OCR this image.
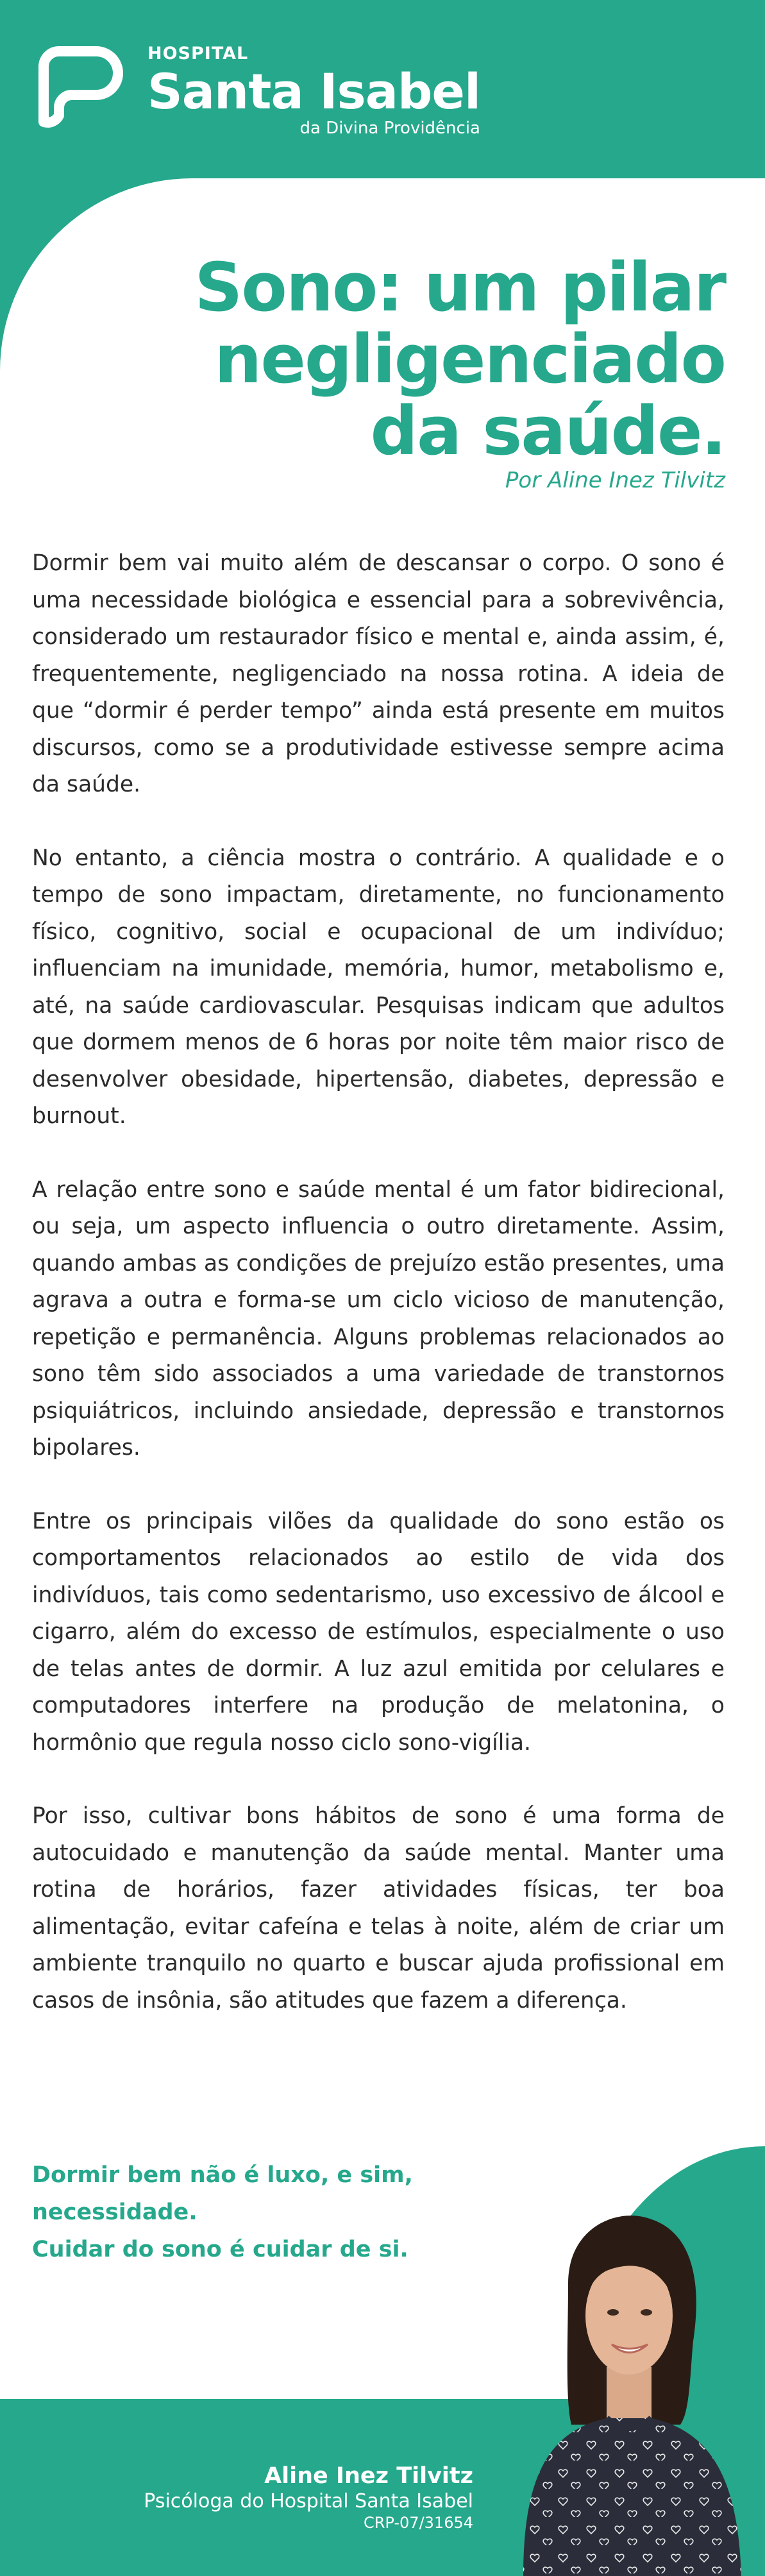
HOSPITAL
Santa Isabel
da Divina Providência
Sono: um pilar
negligenciado
da saúde.
Por Aline Inez Tilvitz

Dormir bem vai muito além de descansar o corpo. O sono é uma necessidade biológica e essencial para a sobrevivência, considerado um restaurador físico e mental e, ainda assim, é, frequentemente, negligenciado na nossa rotina. A ideia de que “dormir é perder tempo” ainda está presente em muitos discursos, como se a produtividade estivesse sempre acima da saúde.

No entanto, a ciência mostra o contrário. A qualidade e o tempo de sono impactam, diretamente, no funcionamento físico, cognitivo, social e ocupacional de um indivíduo; influenciam na imunidade, memória, humor, metabolismo e, até, na saúde cardiovascular. Pesquisas indicam que adultos que dormem menos de 6 horas por noite têm maior risco de desenvolver obesidade, hipertensão, diabetes, depressão e burnout.

A relação entre sono e saúde mental é um fator bidirecional, ou seja, um aspecto influencia o outro diretamente. Assim, quando ambas as condições de prejuízo estão presentes, uma agrava a outra e forma-se um ciclo vicioso de manutenção, repetição e permanência. Alguns problemas relacionados ao sono têm sido associados a uma variedade de transtornos psiquiátricos, incluindo ansiedade, depressão e transtornos bipolares.

Entre os principais vilões da qualidade do sono estão os comportamentos relacionados ao estilo de vida dos indivíduos, tais como sedentarismo, uso excessivo de álcool e cigarro, além do excesso de estímulos, especialmente o uso de telas antes de dormir. A luz azul emitida por celulares e computadores interfere na produção de melatonina, o hormônio que regula nosso ciclo sono-vigília.

Por isso, cultivar bons hábitos de sono é uma forma de autocuidado e manutenção da saúde mental. Manter uma rotina de horários, fazer atividades físicas, ter boa alimentação, evitar cafeína e telas à noite, além de criar um ambiente tranquilo no quarto e buscar ajuda profissional em casos de insônia, são atitudes que fazem a diferença.

Dormir bem não é luxo, e sim, necessidade.
Cuidar do sono é cuidar de si.
Aline Inez Tilvitz
Psicóloga do Hospital Santa Isabel
CRP-07/31654
